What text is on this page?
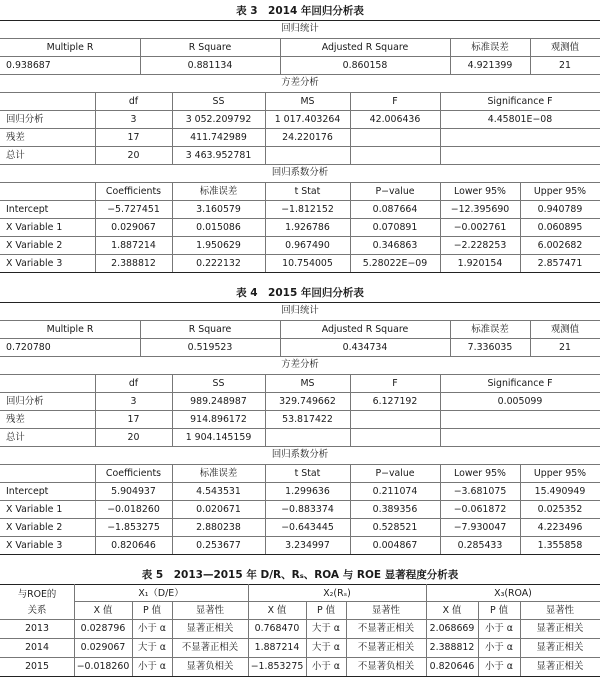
表 3　2014 年回归分析表
回归统计
Multiple R	R Square	Adjusted R Square	标准误差	观测值
0.938687	0.881134	0.860158	4.921399	21
方差分析
df	SS	MS	F	Significance F
回归分析	3	3 052.209792	1 017.403264	42.006436	4.45801E−08
残差	17	411.742989	24.220176
总计	20	3 463.952781
回归系数分析
Coefficients	标准误差	t Stat	P−value	Lower 95%	Upper 95%
Intercept	−5.727451	3.160579	−1.812152	0.087664	−12.395690	0.940789
X Variable 1	0.029067	0.015086	1.926786	0.070891	−0.002761	0.060895
X Variable 2	1.887214	1.950629	0.967490	0.346863	−2.228253	6.002682
X Variable 3	2.388812	0.222132	10.754005	5.28022E−09	1.920154	2.857471
表 4　2015 年回归分析表
回归统计
Multiple R	R Square	Adjusted R Square	标准误差	观测值
0.720780	0.519523	0.434734	7.336035	21
方差分析
df	SS	MS	F	Significance F
回归分析	3	989.248987	329.749662	6.127192	0.005099
残差	17	914.896172	53.817422
总计	20	1 904.145159
回归系数分析
Coefficients	标准误差	t Stat	P−value	Lower 95%	Upper 95%
Intercept	5.904937	4.543531	1.299636	0.211074	−3.681075	15.490949
X Variable 1	−0.018260	0.020671	−0.883374	0.389356	−0.061872	0.025352
X Variable 2	−1.853275	2.880238	−0.643445	0.528521	−7.930047	4.223496
X Variable 3	0.820646	0.253677	3.234997	0.004867	0.285433	1.355858
表 5　2013—2015 年 D/R、Rₛ、ROA 与 ROE 显著程度分析表
与ROE的
关系
X₁（D/E）	X₂(Rₛ)	X₃(ROA)
X 值	P 值	显著性	X 值	P 值	显著性	X 值	P 值	显著性
2013	0.028796	小于 α	显著正相关	0.768470	大于 α	不显著正相关	2.068669	小于 α	显著正相关
2014	0.029067	大于 α	不显著正相关	1.887214	大于 α	不显著正相关	2.388812	小于 α	显著正相关
2015	−0.018260 小于 α	显著负相关	−1.853275 小于 α	不显著负相关	0.820646	小于 α	显著正相关
